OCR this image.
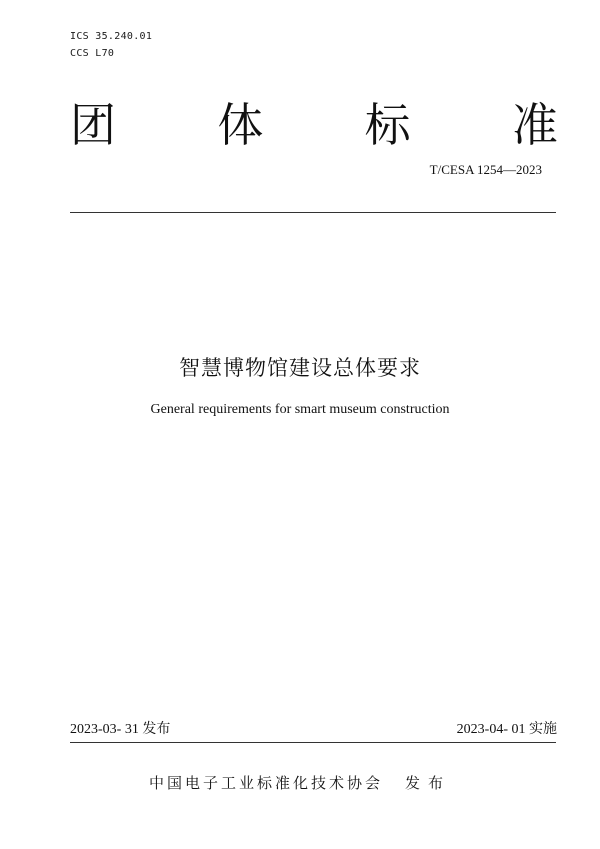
ICS 35.240.01
CCS L70
团 体 标 准
T/CESA 1254—2023
智慧博物馆建设总体要求
General requirements for smart museum construction
2023-03- 31 发布	2023-04- 01 实施
中国电子工业标准化技术协会 发布
